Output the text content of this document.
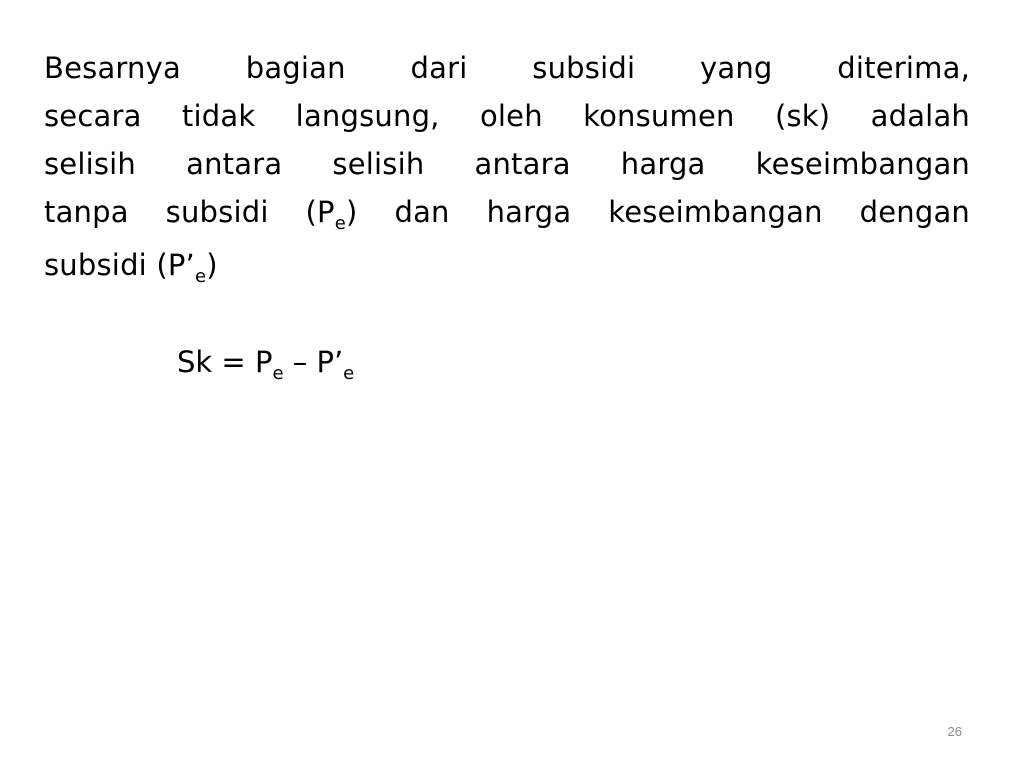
Besarnya bagian dari subsidi yang diterima,
secara tidak langsung, oleh konsumen (sk) adalah
selisih antara selisih antara harga keseimbangan
tanpa subsidi $(P_e)$ dan harga keseimbangan dengan
subsidi $(P’_e)$
$Sk = P_e$ – $P’_e$
26
